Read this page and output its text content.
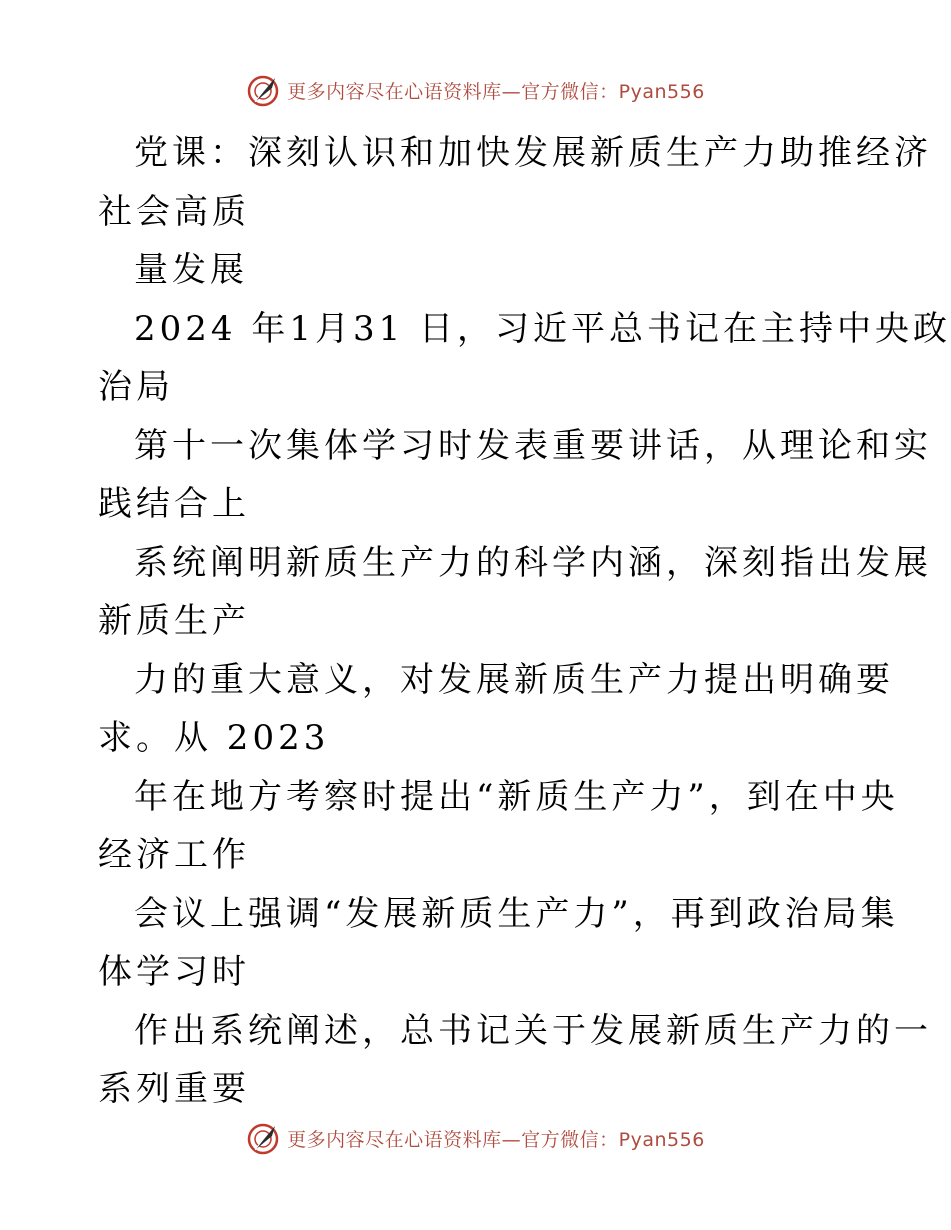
更多内容尽在心语资料库—官方微信：Pyan556
党课：深刻认识和加快发展新质生产力助推经济
社会高质
量发展
2024 年1月31 日，习近平总书记在主持中央政
治局
第十一次集体学习时发表重要讲话，从理论和实
践结合上
系统阐明新质生产力的科学内涵，深刻指出发展
新质生产
力的重大意义，对发展新质生产力提出明确要
求。从 2023
年在地方考察时提出“新质生产力”，到在中央
经济工作
会议上强调“发展新质生产力”，再到政治局集
体学习时
作出系统阐述，总书记关于发展新质生产力的一
系列重要
更多内容尽在心语资料库—官方微信：Pyan556
